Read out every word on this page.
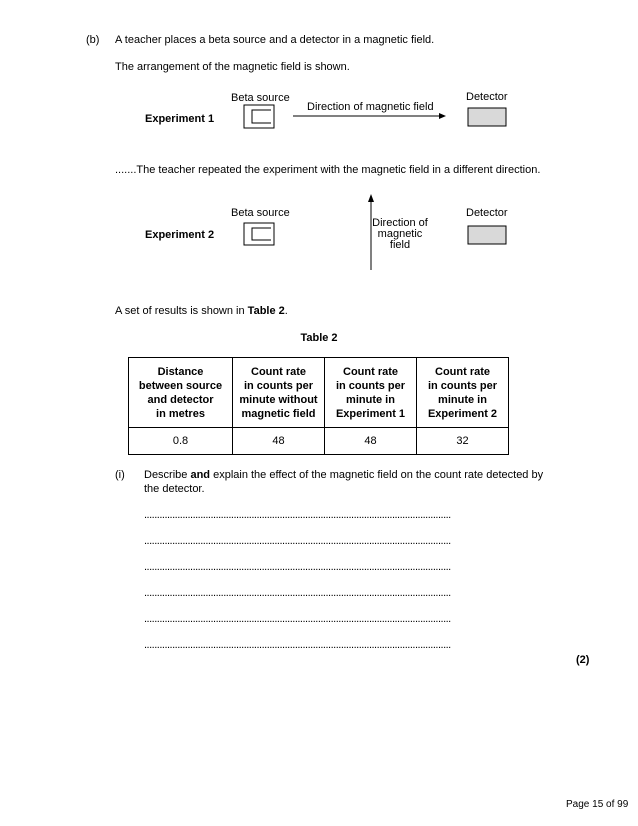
(b) A teacher places a beta source and a detector in a magnetic field.
The arrangement of the magnetic field is shown.
Experiment 1
Beta source
Direction of magnetic field
Detector
.......The teacher repeated the experiment with the magnetic field in a different direction.
Experiment 2
Beta source
Direction of
magnetic
field
Detector
A set of results is shown in Table 2.
Table 2
Distance
between source
and detector
in metres	Count rate
in counts per
minute without
magnetic field	Count rate
in counts per
minute in
Experiment 1	Count rate
in counts per
minute in
Experiment 2
0.8	48	48	32
(i) Describe and explain the effect of the magnetic field on the count rate detected by
the detector.
........................................................................................................................
........................................................................................................................
........................................................................................................................
........................................................................................................................
........................................................................................................................
........................................................................................................................
(2)
Page 15 of 99
